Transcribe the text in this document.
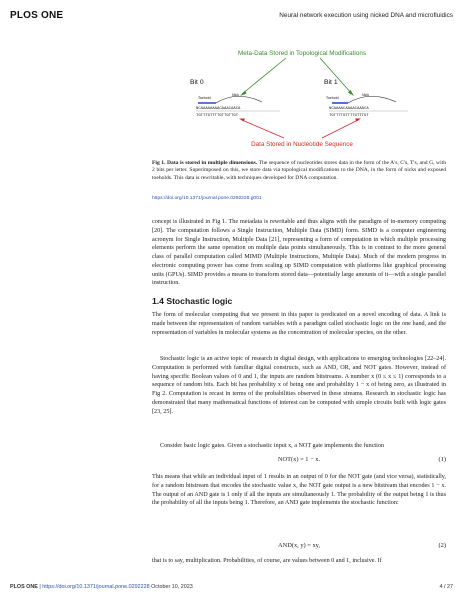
PLOS ONE	Neural network execution using nicked DNA and microfluidics
Meta-Data Stored in Topological Modifications
Bit 0
Toehold
Nick
NCAAAAAAAACAAACAACA
TGTTTGTTTTGTTGTTGT
Bit 1
Toehold
Nick
NCAAAACAAAACAAACA
TGTTTTGTTTTGTTTGT
Data Stored in Nucleotide Sequence
Fig 1. Data is stored in multiple dimensions. The sequence of nucleotides stores data in the form of the A's, C's, T's, and G, with 2 bits per letter. Superimposed on this, we store data via topological modifications to the DNA, in the form of nicks and exposed toeholds. This data is rewritable, with techniques developed for DNA computation.
https://doi.org/10.1371/journal.pone.0292228.g001
concept is illustrated in Fig 1. The metadata is rewritable and thus aligns with the paradigm of in-memory computing [20]. The computation follows a Single Instruction, Multiple Data (SIMD) form. SIMD is a computer engineering acronym for Single Instruction, Multiple Data [21], representing a form of computation in which multiple processing elements perform the same operation on multiple data points simultaneously. This is in contrast to the more general class of parallel computation called MIMD (Multiple Instructions, Multiple Data). Much of the modern progress in electronic computing power has come from scaling up SIMD computation with platforms like graphical processing units (GPUs). SIMD provides a means to transform stored data—potentially large amounts of it—with a single parallel instruction.
1.4 Stochastic logic
The form of molecular computing that we present in this paper is predicated on a novel encoding of data. A link is made between the representation of random variables with a paradigm called stochastic logic on the one hand, and the representation of variables in molecular systems as the concentration of molecular species, on the other.
Stochastic logic is an active topic of research in digital design, with applications to emerging technologies [22–24]. Computation is performed with familiar digital constructs, such as AND, OR, and NOT gates. However, instead of having specific Boolean values of 0 and 1, the inputs are random bitstreams. A number x (0 ≤ x ≤ 1) corresponds to a sequence of random bits. Each bit has probability x of being one and probability 1 − x of being zero, as illustrated in Fig 2. Computation is recast in terms of the probabilities observed in these streams. Research in stochastic logic has demonstrated that many mathematical functions of interest can be computed with simple circuits built with logic gates [23, 25].
Consider basic logic gates. Given a stochastic input x, a NOT gate implements the function
NOT(x) = 1 − x.	(1)
This means that while an individual input of 1 results in an output of 0 for the NOT gate (and vice versa), statistically, for a random bitstream that encodes the stochastic value x, the NOT gate output is a new bitstream that encodes 1 − x. The output of an AND gate is 1 only if all the inputs are simultaneously 1. The probability of the output being 1 is thus the probability of all the inputs being 1. Therefore, an AND gate implements the stochastic function:
AND(x, y) = xy,	(2)
that is to say, multiplication. Probabilities, of course, are values between 0 and 1, inclusive. If
PLOS ONE | https://doi.org/10.1371/journal.pone.0292228 October 10, 2023	4 / 27
